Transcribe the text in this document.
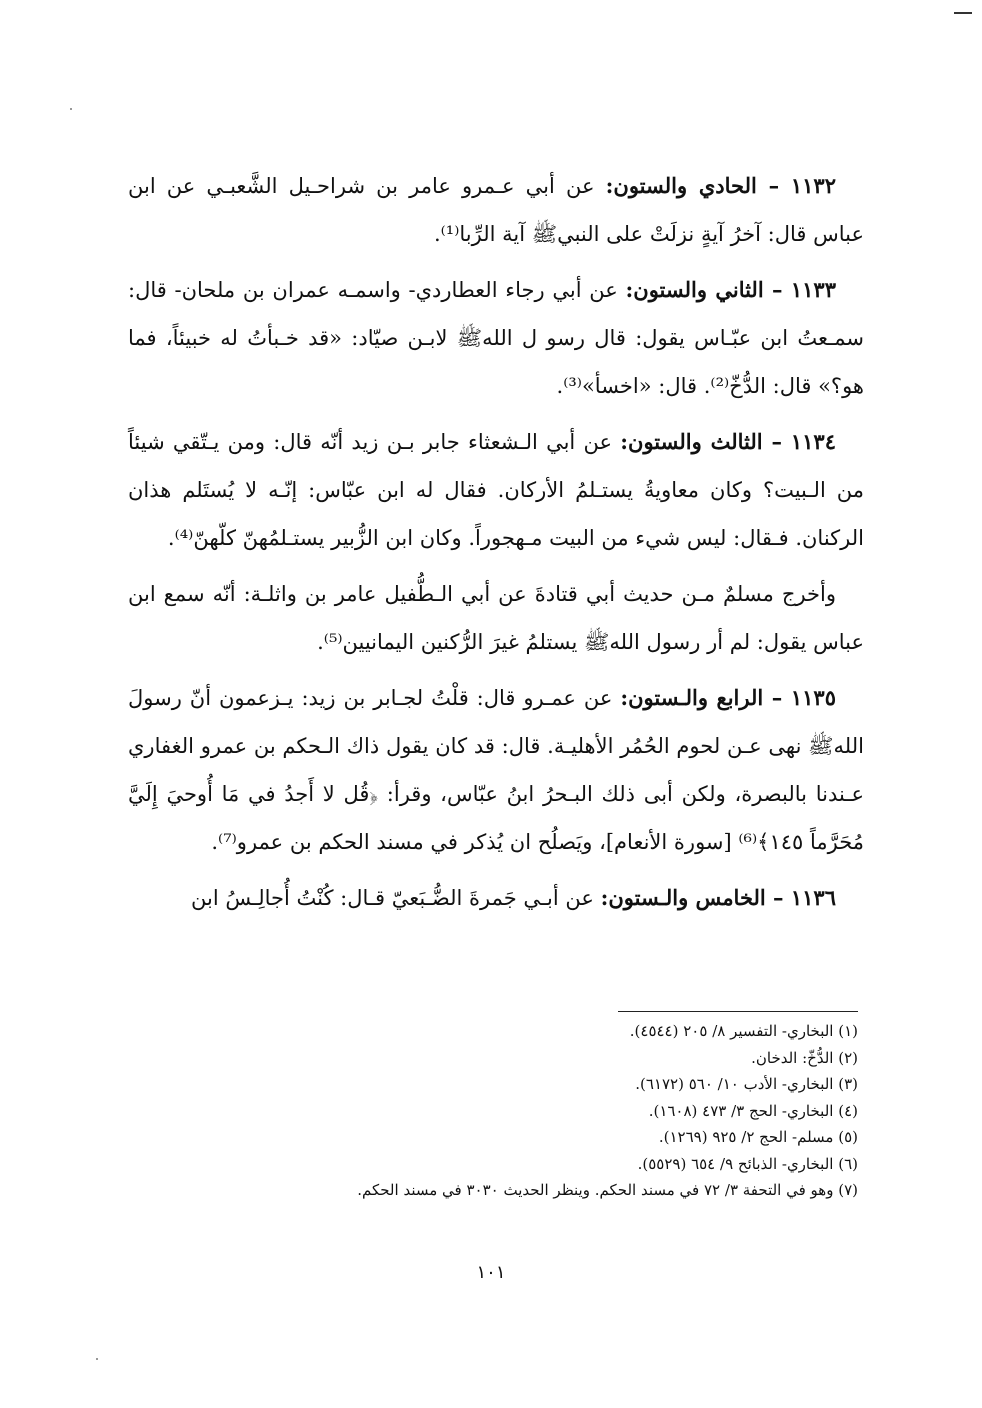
١١٣٢ – الحادي والستون: عن أبي عـمرو عامر بن شراحـيل الشَّعبـي عن ابن عباس قال: آخرُ آيةٍ نزلَتْ على النبيﷺ آية الرِّبا⁽¹⁾.

١١٣٣ – الثاني والستون: عن أبي رجاء العطاردي- واسمـه عمران بن ملحان- قال: سمـعتُ ابن عبّـاس يقول: قال رسو ل اللهﷺ لابـن صيّاد: «قد خـبأتُ له خبيئاً، فما هو؟» قال: الدُّخّ⁽²⁾. قال: «اخسأ»⁽³⁾.

١١٣٤ – الثالث والستون: عن أبي الـشعثاء جابر بـن زيد أنّه قال: ومن يـتّقي شيئاً من الـبيت؟ وكان معاويةُ يستـلمُ الأركان. فقال له ابن عبّاس: إنّـه لا يُستَلم هذان الركنان. فـقال: ليس شيء من البيت مـهجوراً. وكان ابن الزُّبير يستـلمُهنّ كلّهنّ⁽⁴⁾.

وأخرج مسلمٌ مـن حديث أبي قتادةَ عن أبي الـطُّفيل عامر بن واثلـة: أنّه سمع ابن عباس يقول: لم أر رسول اللهﷺ يستلمُ غيرَ الرُّكنين اليمانيين⁽⁵⁾.

١١٣٥ – الرابع والـستون: عن عمـرو قال: قلْتُ لجـابر بن زيد: يـزعمون أنّ رسولَ اللهﷺ نهى عـن لحوم الحُمُر الأهليـة. قال: قد كان يقول ذاك الـحكم بن عمرو الغفاري عـندنا بالبصرة، ولكن أبى ذلك البـحرُ ابنُ عبّاس، وقرأ: ﴿قُل لا أَجدُ في مَا أُوحيَ إِلَيَّ مُحَرَّماً ١٤٥﴾⁽⁶⁾ [سورة الأنعام]، ويَصلُح ان يُذكر في مسند الحكم بن عمرو⁽⁷⁾.

١١٣٦ – الخامس والـستون: عن أبـي جَمرةَ الضُّـبَعيّ قـال: كُنْتُ أُجالِـسُ ابن

(١) البخاري- التفسير ٨/ ٢٠٥ (٤٥٤٤).
(٢) الدُّخّ: الدخان.
(٣) البخاري- الأدب ١٠/ ٥٦٠ (٦١٧٢).
(٤) البخاري- الحج ٣/ ٤٧٣ (١٦٠٨).
(٥) مسلم- الحج ٢/ ٩٢٥ (١٢٦٩).
(٦) البخاري- الذبائح ٩/ ٦٥٤ (٥٥٢٩).
(٧) وهو في التحفة ٣/ ٧٢ في مسند الحكم. وينظر الحديث ٣٠٣٠ في مسند الحكم.
١٠١
